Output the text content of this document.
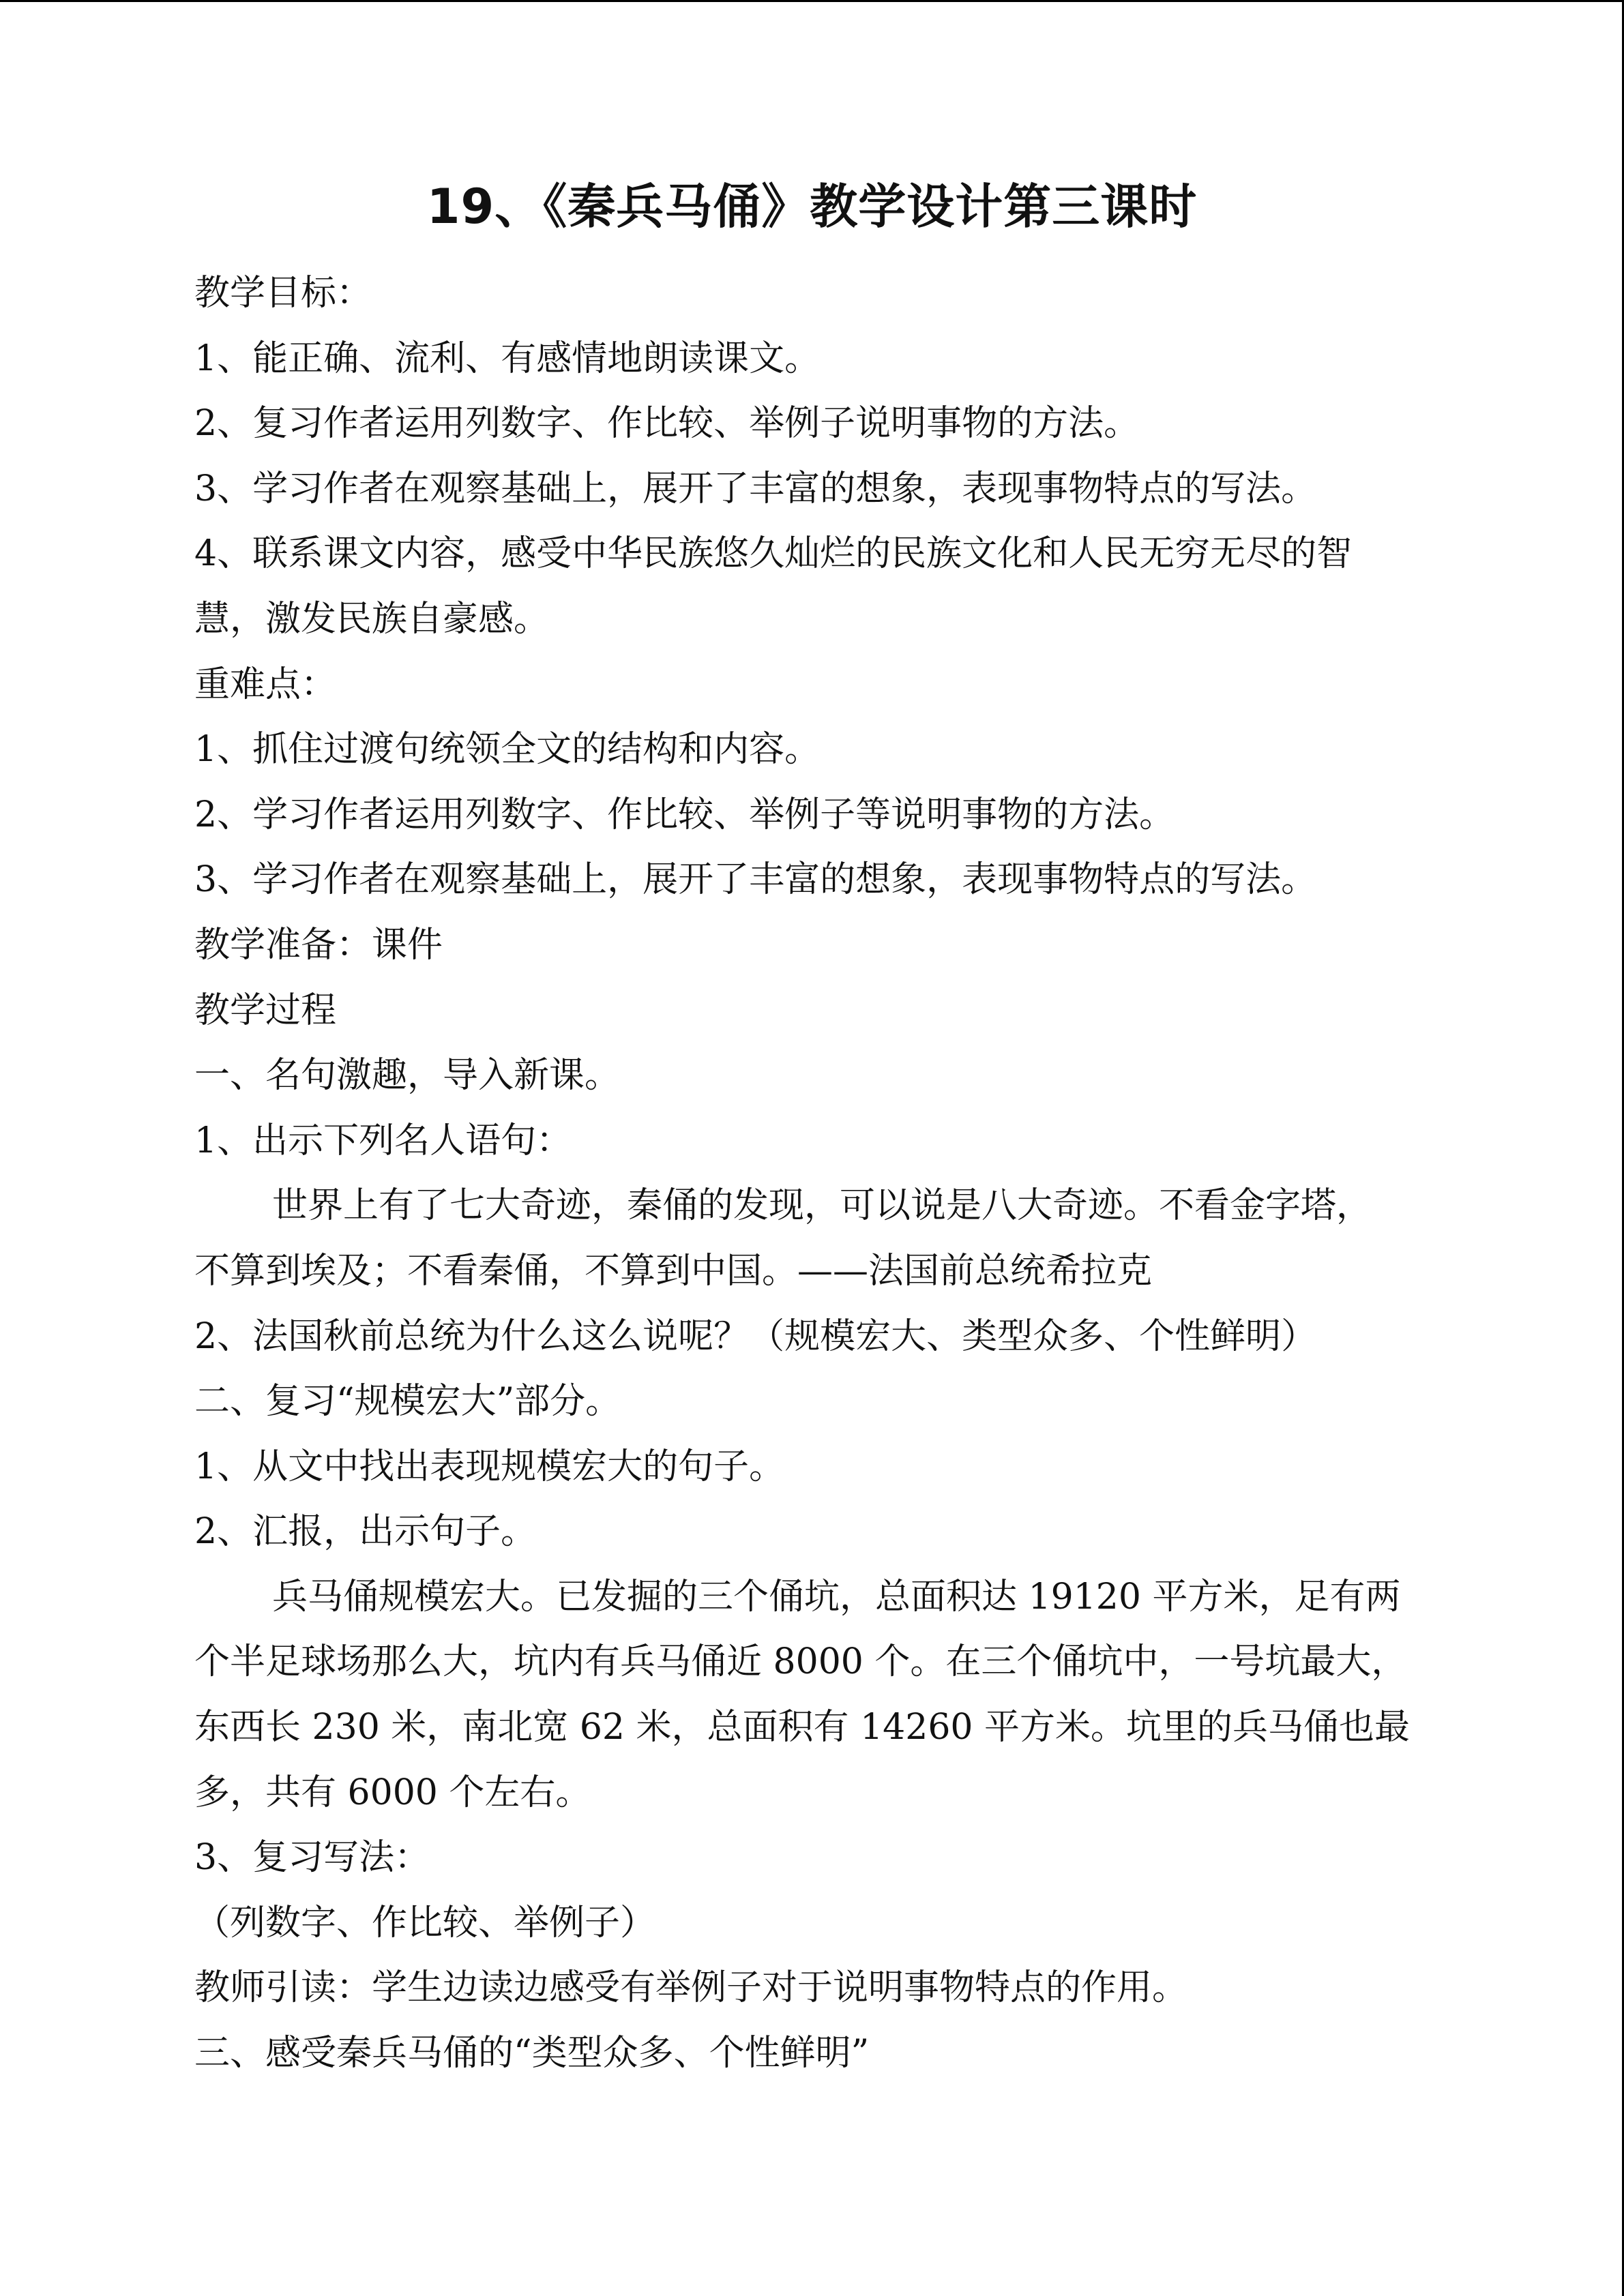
19、《秦兵马俑》教学设计第三课时
教学目标：
1、能正确、流利、有感情地朗读课文。
2、复习作者运用列数字、作比较、举例子说明事物的方法。
3、学习作者在观察基础上，展开了丰富的想象，表现事物特点的写法。
4、联系课文内容，感受中华民族悠久灿烂的民族文化和人民无穷无尽的智
慧，激发民族自豪感。
重难点：
1、抓住过渡句统领全文的结构和内容。
2、学习作者运用列数字、作比较、举例子等说明事物的方法。
3、学习作者在观察基础上，展开了丰富的想象，表现事物特点的写法。
教学准备：课件
教学过程
一、名句激趣，导入新课。
1、出示下列名人语句：
世界上有了七大奇迹，秦俑的发现，可以说是八大奇迹。不看金字塔，
不算到埃及；不看秦俑，不算到中国。——法国前总统希拉克
2、法国秋前总统为什么这么说呢？（规模宏大、类型众多、个性鲜明）
二、复习“规模宏大”部分。
1、从文中找出表现规模宏大的句子。
2、汇报，出示句子。
兵马俑规模宏大。已发掘的三个俑坑，总面积达 19120 平方米，足有两
个半足球场那么大，坑内有兵马俑近 8000 个。在三个俑坑中，一号坑最大，
东西长 230 米，南北宽 62 米，总面积有 14260 平方米。坑里的兵马俑也最
多，共有 6000 个左右。
3、复习写法：
（列数字、作比较、举例子）
教师引读：学生边读边感受有举例子对于说明事物特点的作用。
三、感受秦兵马俑的“类型众多、个性鲜明”
